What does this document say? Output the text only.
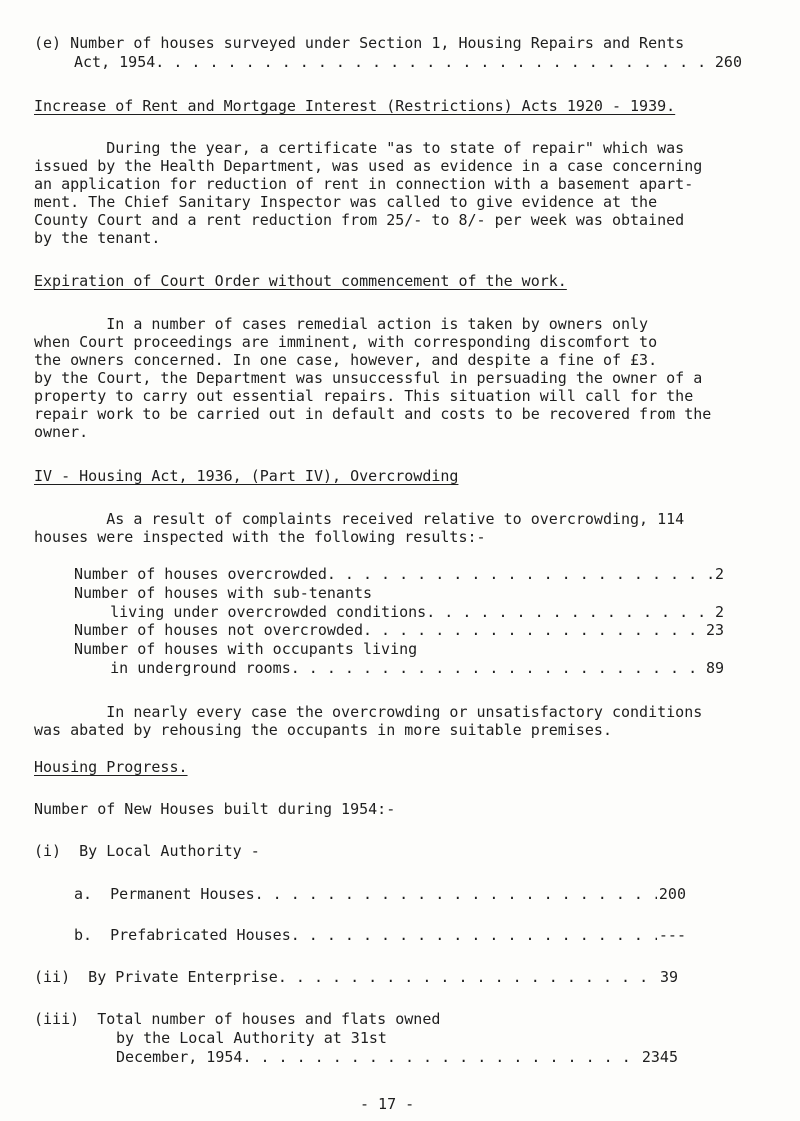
(e) Number of houses surveyed under Section 1, Housing Repairs and Rents
Act, 1954 . . .	260
Increase of Rent and Mortgage Interest (Restrictions) Acts 1920 - 1939.
During the year, a certificate "as to state of repair" which was
issued by the Health Department, was used as evidence in a case concerning
an application for reduction of rent in connection with a basement apart-
ment. The Chief Sanitary Inspector was called to give evidence at the
County Court and a rent reduction from 25/- to 8/- per week was obtained
by the tenant.
Expiration of Court Order without commencement of the work.
In a number of cases remedial action is taken by owners only
when Court proceedings are imminent, with corresponding discomfort to
the owners concerned. In one case, however, and despite a fine of £3.
by the Court, the Department was unsuccessful in persuading the owner of a
property to carry out essential repairs. This situation will call for the
repair work to be carried out in default and costs to be recovered from the
owner.
IV - Housing Act, 1936, (Part IV), Overcrowding
As a result of complaints received relative to overcrowding, 114
houses were inspected with the following results:-
Number of houses overcrowded . . .	2
Number of houses with sub-tenants
living under overcrowded conditions . . .	2
Number of houses not overcrowded . . .	23
Number of houses with occupants living
in underground rooms . . .	89
In nearly every case the overcrowding or unsatisfactory conditions
was abated by rehousing the occupants in more suitable premises.
Housing Progress.
Number of New Houses built during 1954:-
(i)  By Local Authority -
a.  Permanent Houses . . .	200
b.  Prefabricated Houses . . .	---
(ii)  By Private Enterprise . . .	39
(iii)  Total number of houses and flats owned
by the Local Authority at 31st
December, 1954 . . .	2345
- 17 -
